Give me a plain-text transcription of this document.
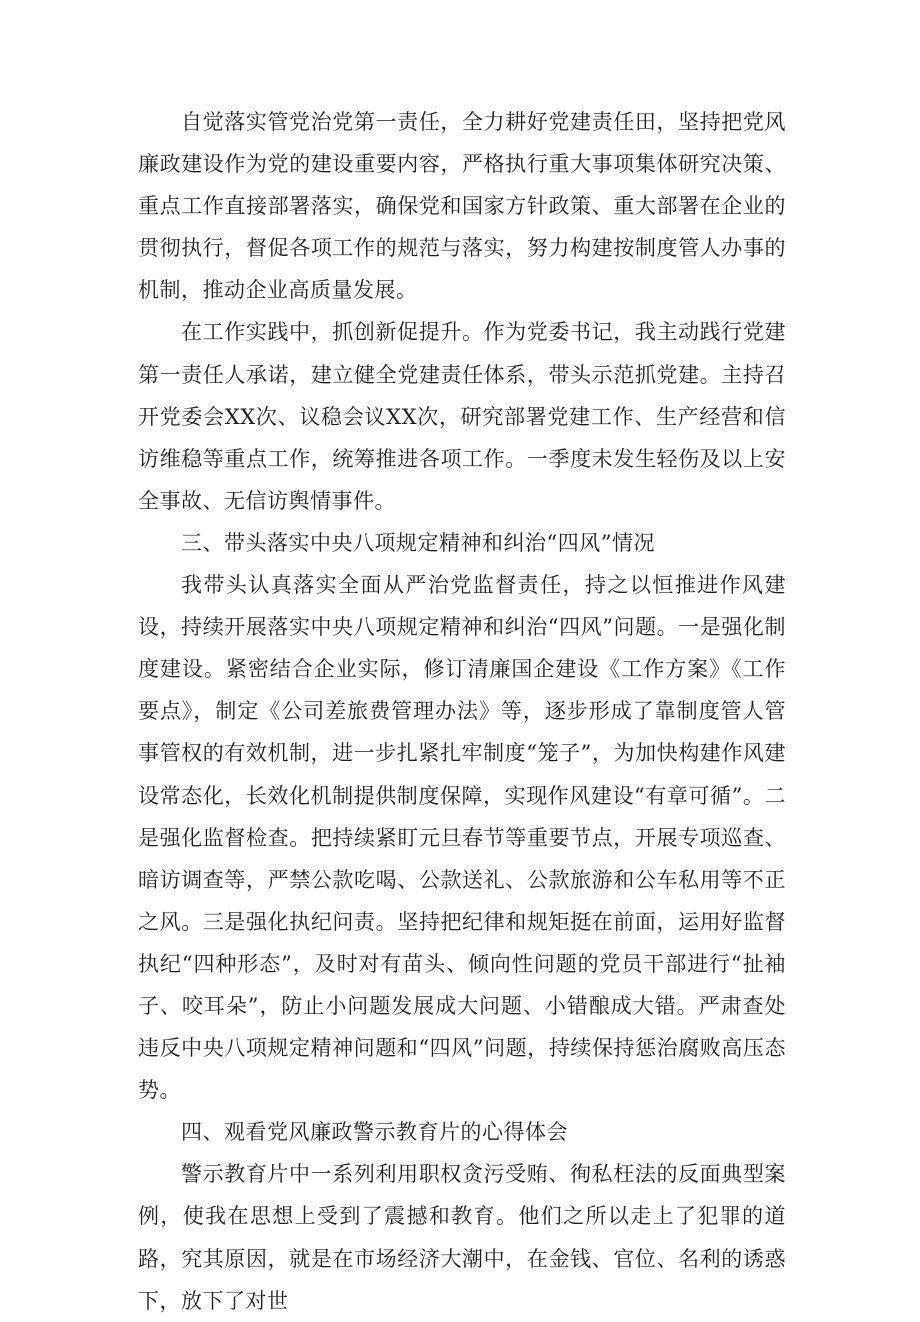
自觉落实管党治党第一责任，全力耕好党建责任田，坚持把党风廉政建设作为党的建设重要内容，严格执行重大事项集体研究决策、重点工作直接部署落实，确保党和国家方针政策、重大部署在企业的贯彻执行，督促各项工作的规范与落实，努力构建按制度管人办事的机制，推动企业高质量发展。

在工作实践中，抓创新促提升。作为党委书记，我主动践行党建第一责任人承诺，建立健全党建责任体系，带头示范抓党建。主持召开党委会XX次、议稳会议XX次，研究部署党建工作、生产经营和信访维稳等重点工作，统筹推进各项工作。一季度未发生轻伤及以上安全事故、无信访舆情事件。

三、带头落实中央八项规定精神和纠治“四风”情况

我带头认真落实全面从严治党监督责任，持之以恒推进作风建设，持续开展落实中央八项规定精神和纠治“四风”问题。一是强化制度建设。紧密结合企业实际，修订清廉国企建设《工作方案》《工作要点》，制定《公司差旅费管理办法》等，逐步形成了靠制度管人管事管权的有效机制，进一步扎紧扎牢制度“笼子”，为加快构建作风建设常态化，长效化机制提供制度保障，实现作风建设“有章可循”。二是强化监督检查。把持续紧盯元旦春节等重要节点，开展专项巡查、暗访调查等，严禁公款吃喝、公款送礼、公款旅游和公车私用等不正之风。三是强化执纪问责。坚持把纪律和规矩挺在前面，运用好监督执纪“四种形态”，及时对有苗头、倾向性问题的党员干部进行“扯袖子、咬耳朵”，防止小问题发展成大问题、小错酿成大错。严肃查处违反中央八项规定精神问题和“四风”问题，持续保持惩治腐败高压态势。

四、观看党风廉政警示教育片的心得体会

警示教育片中一系列利用职权贪污受贿、徇私枉法的反面典型案例，使我在思想上受到了震撼和教育。他们之所以走上了犯罪的道路，究其原因，就是在市场经济大潮中，在金钱、官位、名利的诱惑下，放下了对世
